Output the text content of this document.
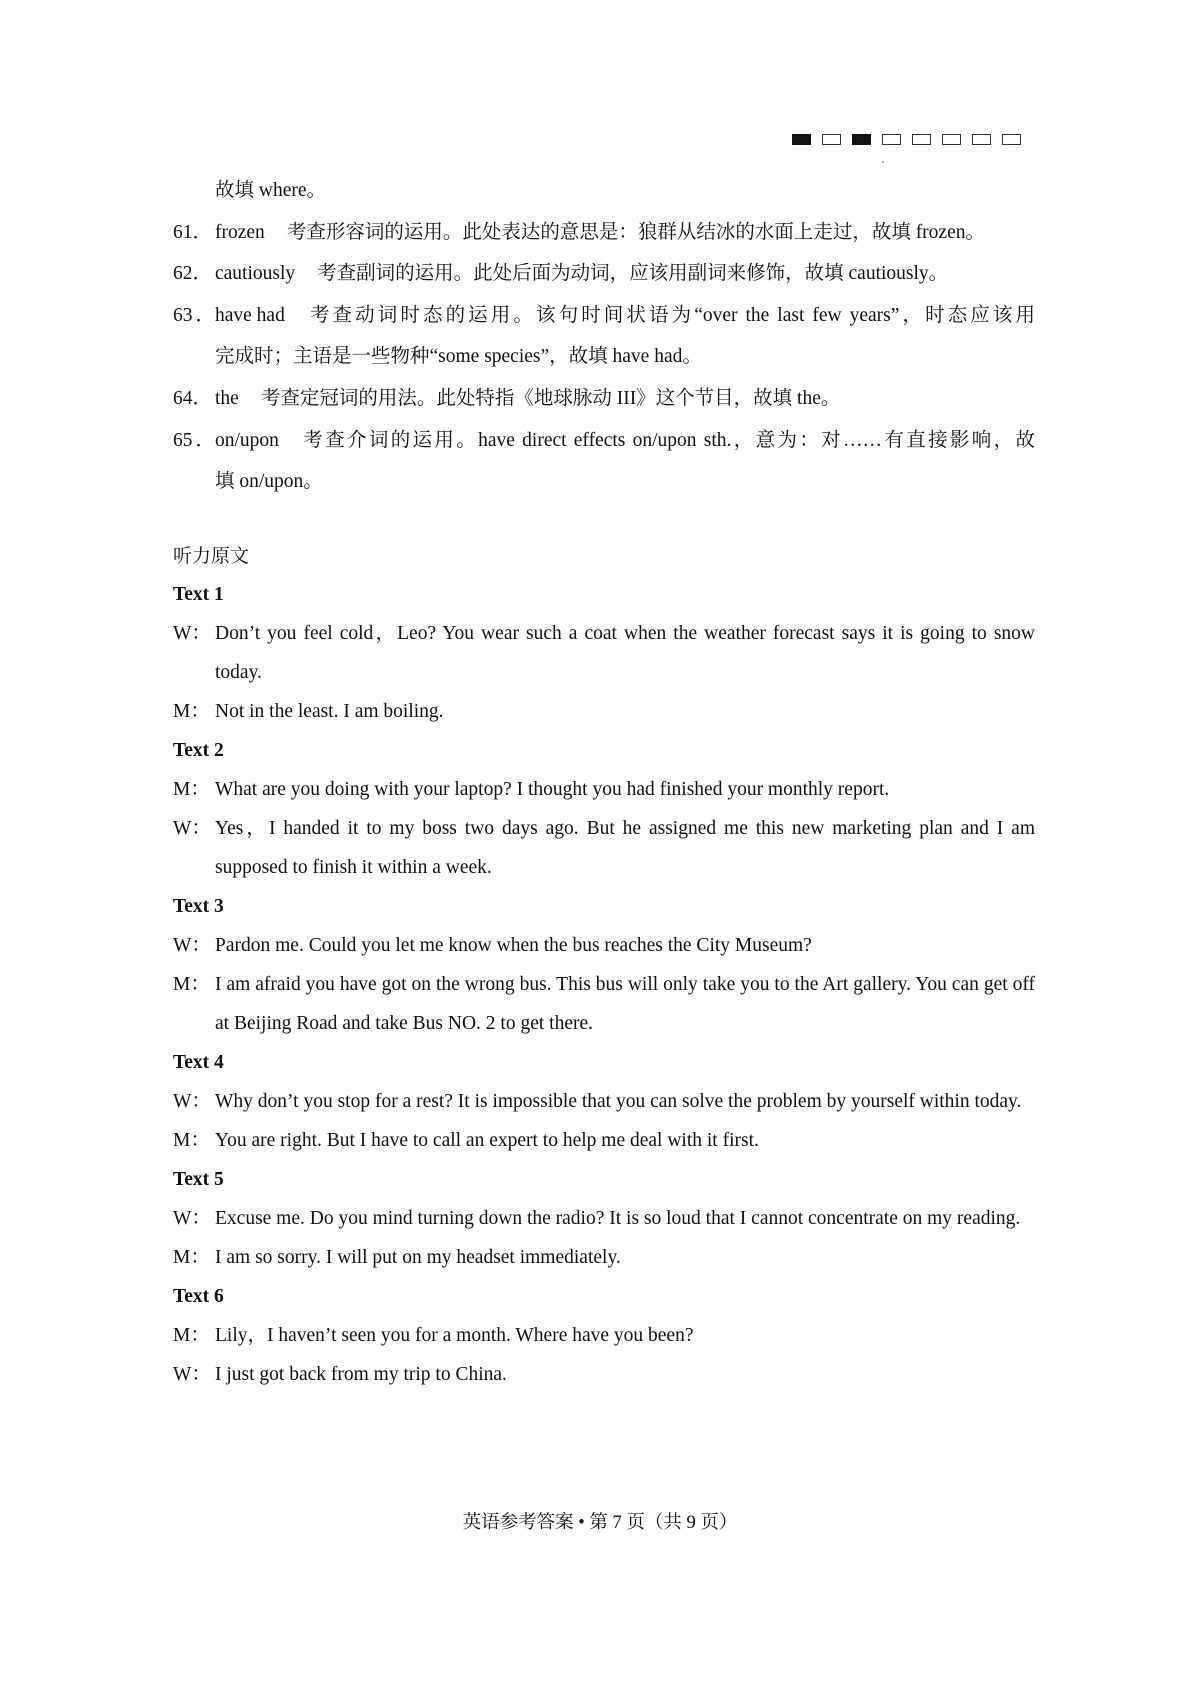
故填 where。
61． frozen 考查形容词的运用。此处表达的意思是：狼群从结冰的水面上走过，故填 frozen。
62． cautiously 考查副词的运用。此处后面为动词，应该用副词来修饰，故填 cautiously。
63．have had 考查动词时态的运用。该句时间状语为“over the last few years”，时态应该用
完成时；主语是一些物种“some species”，故填 have had。
64． the 考查定冠词的用法。此处特指《地球脉动 III》这个节目，故填 the。
65．on/upon 考查介词的运用。have direct effects on/upon sth.，意为：对……有直接影响，故
填 on/upon。
听力原文
Text 1
W： Don’t you feel cold，Leo? You wear such a coat when the weather forecast says it is going to snow today.
M： Not in the least. I am boiling.
Text 2
M： What are you doing with your laptop? I thought you had finished your monthly report.
W： Yes，I handed it to my boss two days ago. But he assigned me this new marketing plan and I am supposed to finish it within a week.
Text 3
W： Pardon me. Could you let me know when the bus reaches the City Museum?
M： I am afraid you have got on the wrong bus. This bus will only take you to the Art gallery. You can get off at Beijing Road and take Bus NO. 2 to get there.
Text 4
W： Why don’t you stop for a rest? It is impossible that you can solve the problem by yourself within today.
M： You are right. But I have to call an expert to help me deal with it first.
Text 5
W： Excuse me. Do you mind turning down the radio? It is so loud that I cannot concentrate on my reading.
M： I am so sorry. I will put on my headset immediately.
Text 6
M： Lily，I haven’t seen you for a month. Where have you been?
W： I just got back from my trip to China.
英语参考答案 • 第 7 页（共 9 页）
